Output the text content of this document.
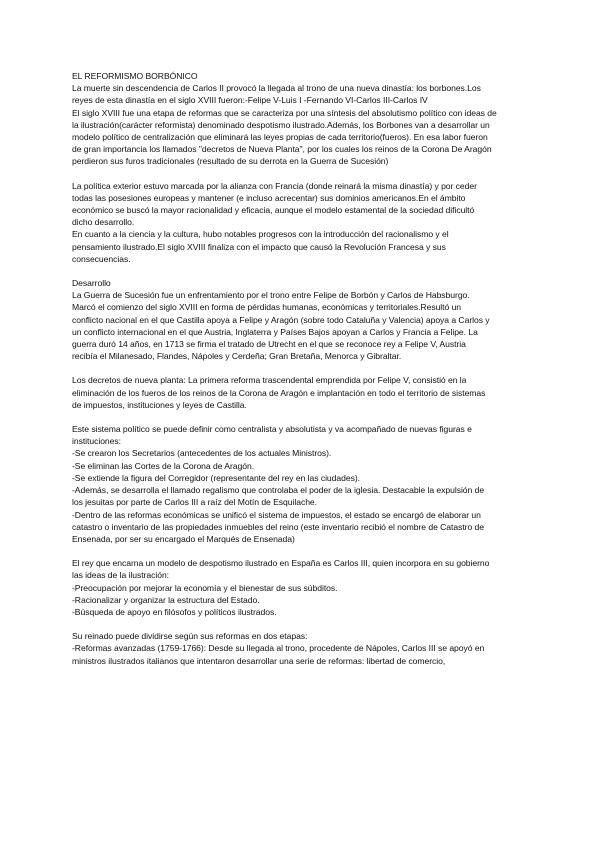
EL REFORMISMO BORBÓNICO
La muerte sin descendencia de Carlos II provocó la llegada al trono de una nueva dinastía: los borbones.Los
reyes de esta dinastía en el siglo XVIII fueron:-Felipe V-Luis I -Fernando VI-Carlos III-Carlos IV
El siglo XVIII fue una etapa de reformas que se caracteriza por una síntesis del absolutismo político con ideas de
la ilustración(carácter reformista) denominado despotismo ilustrado.Además, los Borbones van a desarrollar un
modelo político de centralización que eliminará las leyes propias de cada territorio(fueros). En esa labor fueron
de gran importancia los llamados "decretos de Nueva Planta", por los cuales los reinos de la Corona De Aragón
perdieron sus furos tradicionales (resultado de su derrota en la Guerra de Sucesión)

La política exterior estuvo marcada por la alianza con Francia (donde reinará la misma dinastía) y por ceder
todas las posesiones europeas y mantener (e incluso acrecentar) sus dominios americanos.En el ámbito
económico se buscó la mayor racionalidad y eficacia, aunque el modelo estamental de la sociedad dificultó
dicho desarrollo.
En cuanto a la ciencia y la cultura, hubo notables progresos con la introducción del racionalismo y el
pensamiento ilustrado.El siglo XVIII finaliza con el impacto que causó la Revolución Francesa y sus
consecuencias.

Desarrollo
La Guerra de Sucesión fue un enfrentamiento por el trono entre Felipe de Borbón y Carlos de Habsburgo.
Marcó el comienzo del siglo XVIII en forma de pérdidas humanas, económicas y territoriales.Resultó un
conflicto nacional en el que Castilla apoya a Felipe y Aragón (sobre todo Cataluña y Valencia) apoya a Carlos y
un conflicto internacional en el que Austria, Inglaterra y Países Bajos apoyan a Carlos y Francia a Felipe. La
guerra duró 14 años, en 1713 se firma el tratado de Utrecht en el que se reconoce rey a Felipe V, Austria
recibía el Milanesado, Flandes, Nápoles y Cerdeña; Gran Bretaña, Menorca y Gibraltar.

Los decretos de nueva planta: La primera reforma trascendental emprendida por Felipe V, consistió en la
eliminación de los fueros de los reinos de la Corona de Aragón e implantación en todo el territorio de sistemas
de impuestos, instituciones y leyes de Castilla.

Este sistema político se puede definir como centralista y absolutista y va acompañado de nuevas figuras e
instituciones:
-Se crearon los Secretarios (antecedentes de los actuales Ministros).
-Se eliminan las Cortes de la Corona de Aragón.
-Se extiende la figura del Corregidor (representante del rey en las ciudades).
-Además, se desarrolla el llamado regalismo que controlaba el poder de la iglesia. Destacable la expulsión de
los jesuitas por parte de Carlos III a raíz del Motín de Esquilache.
-Dentro de las reformas económicas se unificó el sistema de impuestos, el estado se encargó de elaborar un
catastro o inventario de las propiedades inmuebles del reino (este inventario recibió el nombre de Catastro de
Ensenada, por ser su encargado el Marqués de Ensenada)

El rey que encarna un modelo de despotismo ilustrado en España es Carlos III, quien incorpora en su gobierno
las ideas de la ilustración:
-Preocupación por mejorar la economía y el bienestar de sus súbditos.
-Racionalizar y organizar la estructura del Estado.
-Búsqueda de apoyo en filósofos y políticos ilustrados.

Su reinado puede dividirse según sus reformas en dos etapas:
-Reformas avanzadas (1759-1766): Desde su llegada al trono, procedente de Nápoles, Carlos III se apoyó en
ministros ilustrados italianos que intentaron desarrollar una serie de reformas: libertad de comercio,
